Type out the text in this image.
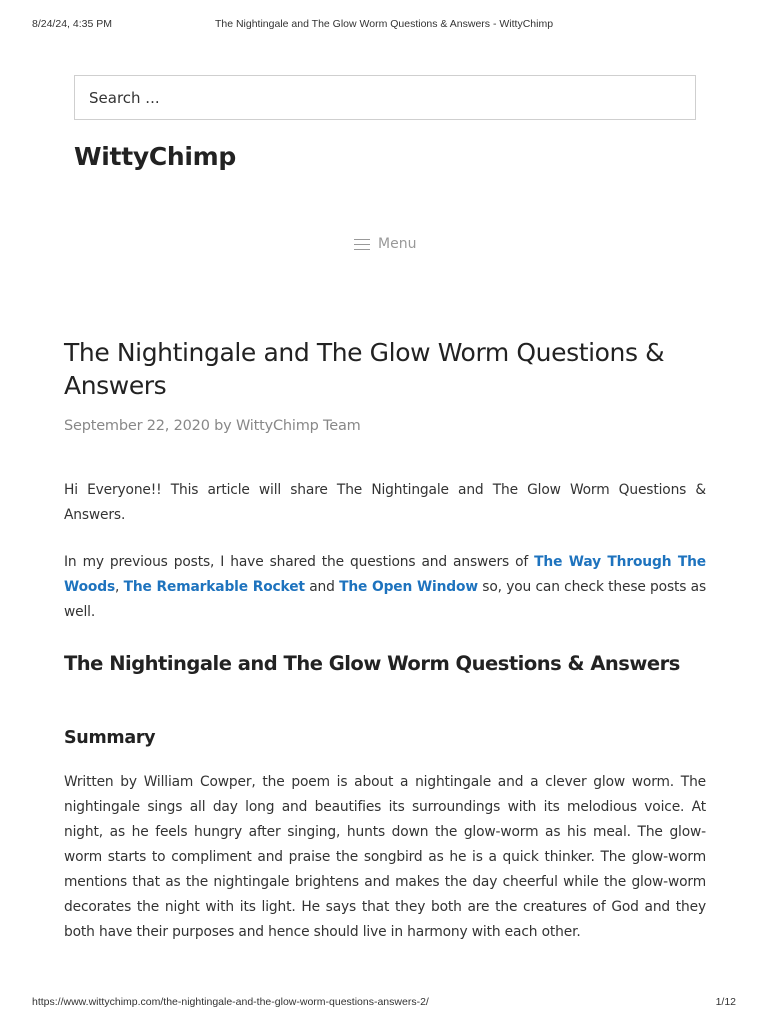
8/24/24, 4:35 PM	The Nightingale and The Glow Worm Questions & Answers - WittyChimp
Search ...
WittyChimp
Menu
The Nightingale and The Glow Worm Questions & Answers
September 22, 2020 by WittyChimp Team

Hi Everyone!! This article will share The Nightingale and The Glow Worm Questions & Answers.

In my previous posts, I have shared the questions and answers of The Way Through The Woods, The Remarkable Rocket and The Open Window so, you can check these posts as well.

The Nightingale and The Glow Worm Questions & Answers
Summary

Written by William Cowper, the poem is about a nightingale and a clever glow worm. The nightingale sings all day long and beautifies its surroundings with its melodious voice. At night, as he feels hungry after singing, hunts down the glow-worm as his meal. The glow-worm starts to compliment and praise the songbird as he is a quick thinker. The glow-worm mentions that as the nightingale brightens and makes the day cheerful while the glow-worm decorates the night with its light. He says that they both are the creatures of God and they both have their purposes and hence should live in harmony with each other.

https://www.wittychimp.com/the-nightingale-and-the-glow-worm-questions-answers-2/	1/12
